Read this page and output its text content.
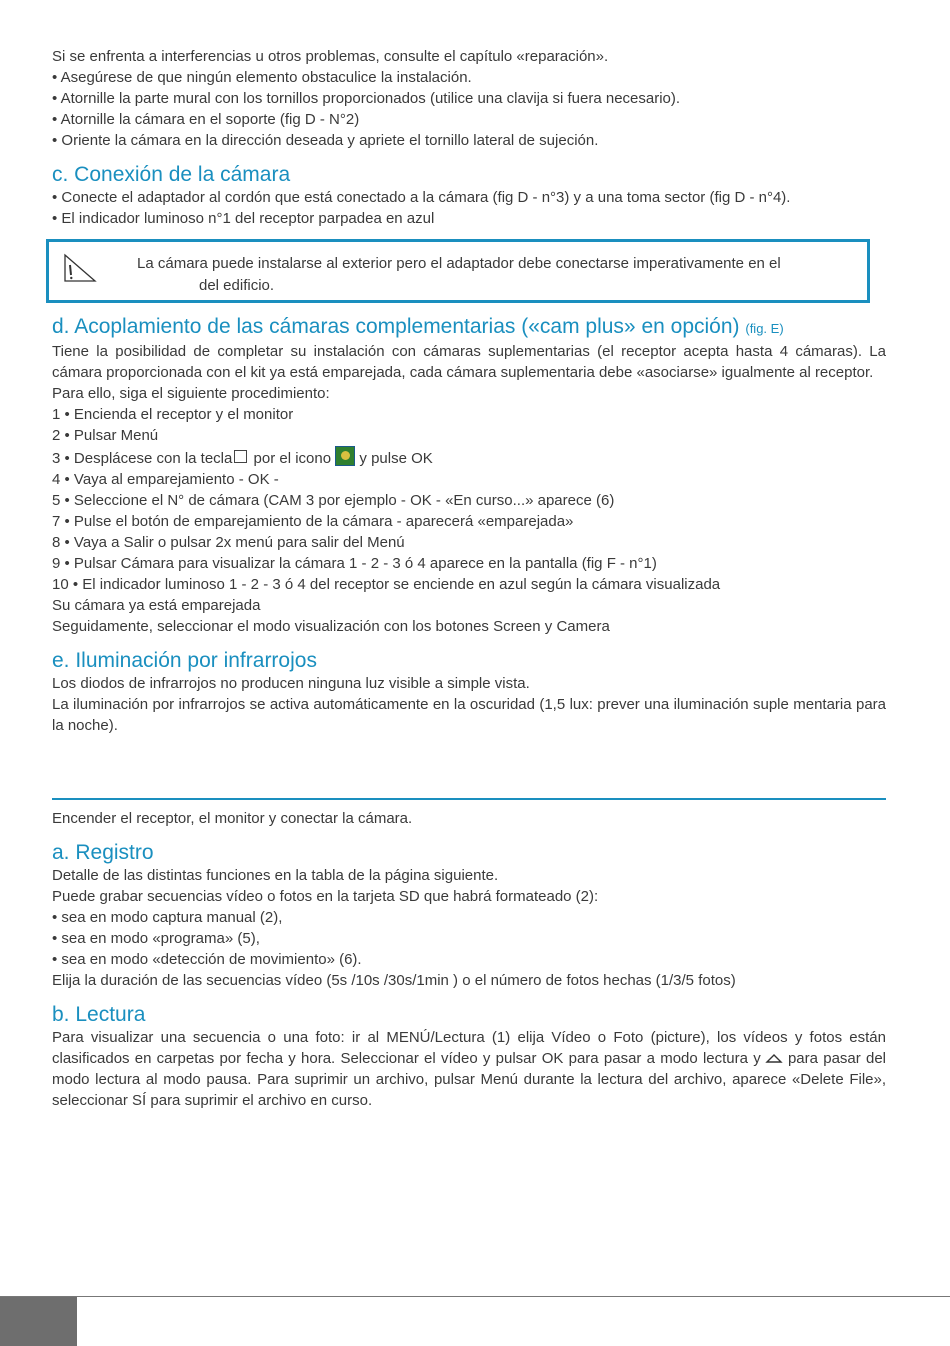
Si se enfrenta a interferencias u otros problemas, consulte el capítulo «reparación».
• Asegúrese de que ningún elemento obstaculice la instalación.
• Atornille la parte mural con los tornillos proporcionados (utilice una clavija si fuera necesario).
• Atornille la cámara en el soporte (fig D - N°2)
• Oriente la cámara en la dirección deseada y apriete el tornillo lateral de sujeción.
c. Conexión de la cámara
• Conecte el adaptador al cordón que está conectado a la cámara (fig D - n°3) y a una toma sector (fig D - n°4).
• El indicador luminoso n°1 del receptor parpadea en azul
La cámara puede instalarse al exterior pero el adaptador debe conectarse imperativamente en el
del edificio.
d. Acoplamiento de las cámaras complementarias («cam plus» en opción) (fig. E)
Tiene la posibilidad de completar su instalación con cámaras suplementarias (el receptor acepta hasta 4 cámaras). La cámara proporcionada con el kit ya está emparejada, cada cámara suplementaria debe «asociarse» igualmente al receptor.
Para ello, siga el siguiente procedimiento:
1 • Encienda el receptor y el monitor
2 • Pulsar Menú
3 • Desplácese con la tecla por el icono  y pulse OK
4 • Vaya al emparejamiento - OK -
5 • Seleccione el N° de cámara (CAM 3 por ejemplo - OK - «En curso...» aparece (6)
7 • Pulse el botón de emparejamiento de la cámara - aparecerá «emparejada»
8 • Vaya a Salir o pulsar 2x menú para salir del Menú
9 • Pulsar Cámara para visualizar la cámara 1 - 2 - 3 ó 4 aparece en la pantalla (fig F - n°1)
10 • El indicador luminoso 1 - 2 - 3 ó 4 del receptor se enciende en azul según la cámara visualizada
Su cámara ya está emparejada
Seguidamente, seleccionar el modo visualización con los botones Screen y Camera
e. Iluminación por infrarrojos
Los diodos de infrarrojos no producen ninguna luz visible a simple vista.
La iluminación por infrarrojos se activa automáticamente en la oscuridad (1,5 lux: prever una iluminación suple mentaria para la noche).
Encender el receptor, el monitor y conectar la cámara.
a. Registro
Detalle de las distintas funciones en la tabla de la página siguiente.
Puede grabar secuencias vídeo o fotos en la tarjeta SD que habrá formateado (2):
• sea en modo captura manual (2),
• sea en modo «programa» (5),
• sea en modo «detección de movimiento» (6).
Elija la duración de las secuencias vídeo (5s /10s /30s/1min ) o el número de fotos hechas (1/3/5 fotos)
b. Lectura
Para visualizar una secuencia o una foto: ir al MENÚ/Lectura (1) elija Vídeo o Foto (picture), los vídeos y fotos están clasificados en carpetas por fecha y hora. Seleccionar el vídeo y pulsar OK para pasar a modo lectura y para pasar del modo lectura al modo pausa. Para suprimir un archivo, pulsar Menú durante la lectura del archivo, aparece «Delete File», seleccionar SÍ para suprimir el archivo en curso.
